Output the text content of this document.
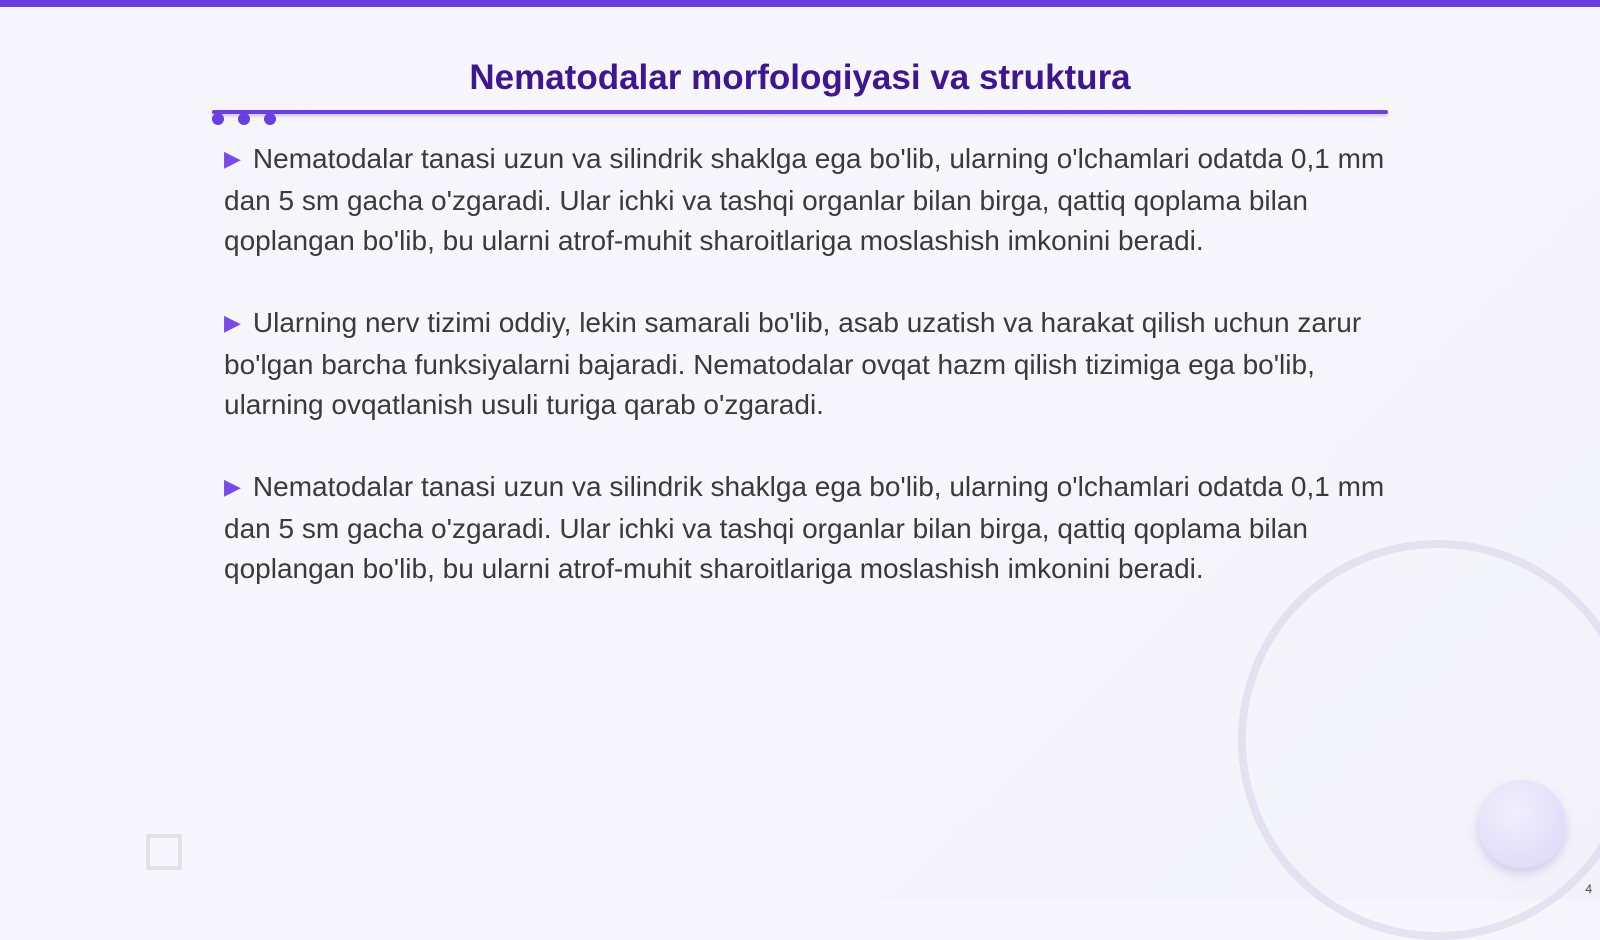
Nematodalar morfologiyasi va struktura

▶ Nematodalar tanasi uzun va silindrik shaklga ega bo'lib, ularning o'lchamlari odatda 0,1 mm dan 5 sm gacha o'zgaradi. Ular ichki va tashqi organlar bilan birga, qattiq qoplama bilan qoplangan bo'lib, bu ularni atrof-muhit sharoitlariga moslashish imkonini beradi.

▶ Ularning nerv tizimi oddiy, lekin samarali bo'lib, asab uzatish va harakat qilish uchun zarur bo'lgan barcha funksiyalarni bajaradi. Nematodalar ovqat hazm qilish tizimiga ega bo'lib, ularning ovqatlanish usuli turiga qarab o'zgaradi.

▶ Nematodalar tanasi uzun va silindrik shaklga ega bo'lib, ularning o'lchamlari odatda 0,1 mm dan 5 sm gacha o'zgaradi. Ular ichki va tashqi organlar bilan birga, qattiq qoplama bilan qoplangan bo'lib, bu ularni atrof-muhit sharoitlariga moslashish imkonini beradi.

4
